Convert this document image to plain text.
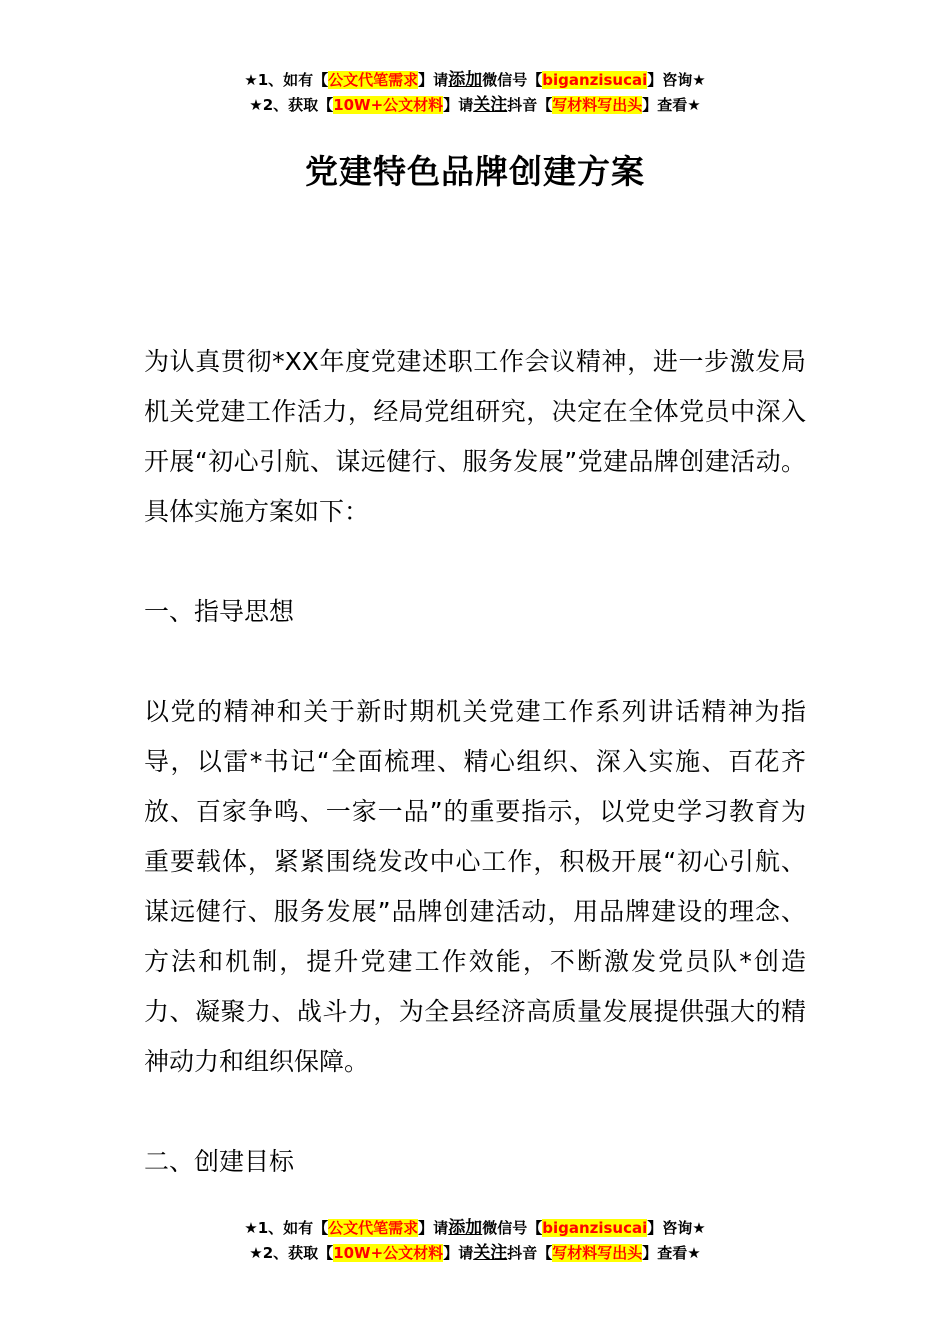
★1、如有【公文代笔需求】请添加微信号【biganzisucai】咨询★
★2、获取【10W+公文材料】请关注抖音【写材料写出头】查看★
党建特色品牌创建方案

为认真贯彻*XX年度党建述职工作会议精神，进一步激发局机关党建工作活力，经局党组研究，决定在全体党员中深入开展“初心引航、谋远健行、服务发展”党建品牌创建活动。具体实施方案如下：

一、指导思想

以党的精神和关于新时期机关党建工作系列讲话精神为指导，以雷*书记“全面梳理、精心组织、深入实施、百花齐放、百家争鸣、一家一品”的重要指示，以党史学习教育为重要载体，紧紧围绕发改中心工作，积极开展“初心引航、谋远健行、服务发展”品牌创建活动，用品牌建设的理念、方法和机制，提升党建工作效能，不断激发党员队*创造力、凝聚力、战斗力，为全县经济高质量发展提供强大的精神动力和组织保障。

二、创建目标

★1、如有【公文代笔需求】请添加微信号【biganzisucai】咨询★
★2、获取【10W+公文材料】请关注抖音【写材料写出头】查看★
